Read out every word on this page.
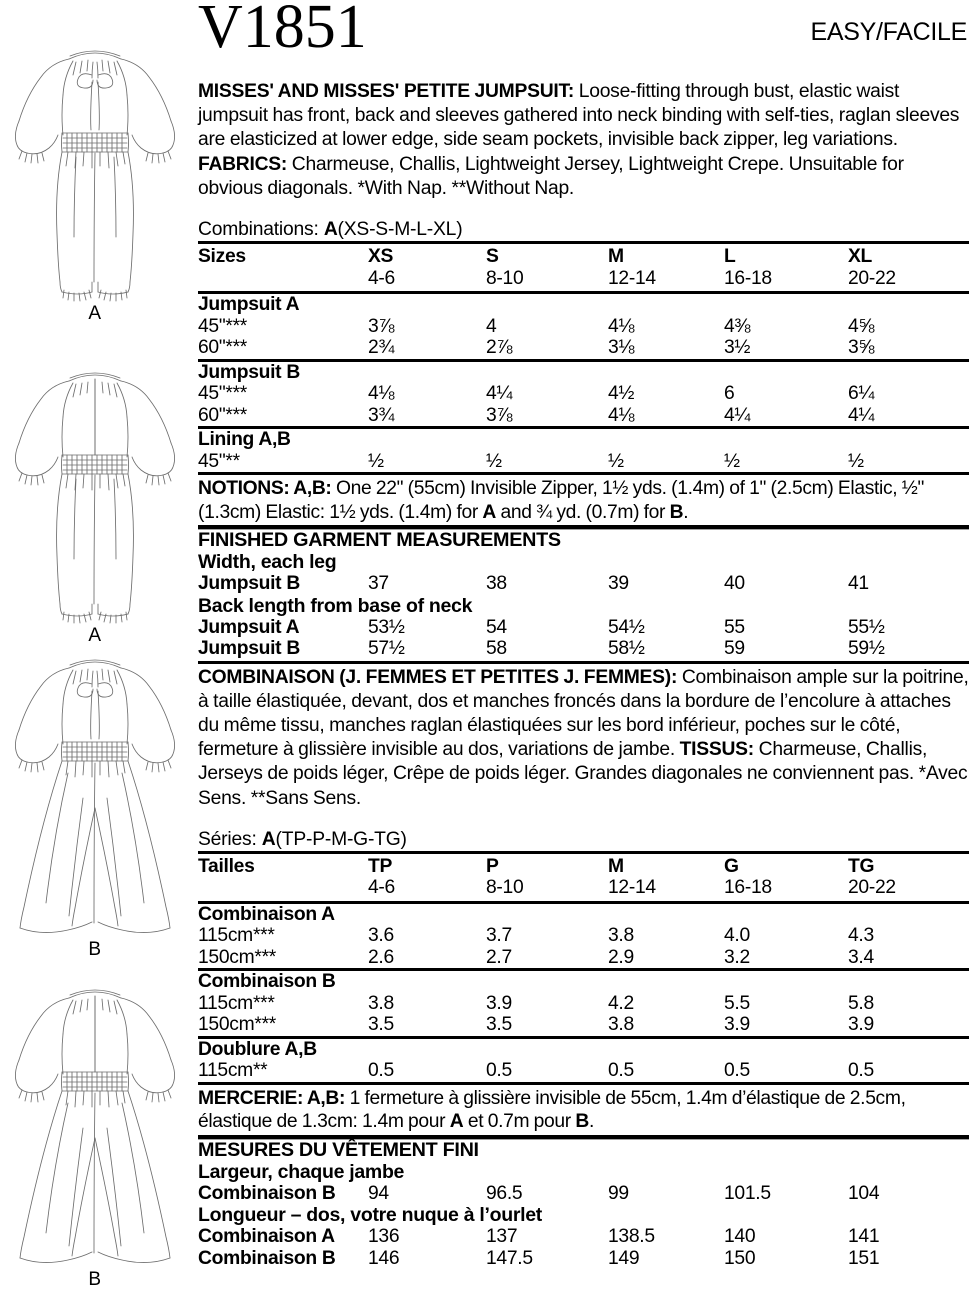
A
A
B
B
V1851	EASY/FACILE
MISSES' AND MISSES' PETITE JUMPSUIT: Loose-fitting through bust, elastic waist jumpsuit has front, back and sleeves gathered into neck binding with self-ties, raglan sleeves are elasticized at lower edge, side seam pockets, invisible back zipper, leg variations. FABRICS: Charmeuse, Challis, Lightweight Jersey, Lightweight Crepe. Unsuitable for obvious diagonals. *With Nap. **Without Nap.
Combinations: A(XS-S-M-L-XL)
Sizes	XS	S	M	L	XL
	4-6	8-10	12-14	16-18	20-22
Jumpsuit A					
45"***	3⅞	4	4⅛	4⅜	4⅝
60"***	2¾	2⅞	3⅛	3½	3⅝
Jumpsuit B					
45"***	4⅛	4¼	4½	6	6¼
60"***	3¾	3⅞	4⅛	4¼	4¼
Lining A,B					
45"**	½	½	½	½	½
NOTIONS: A,B: One 22" (55cm) Invisible Zipper, 1½ yds. (1.4m) of 1" (2.5cm) Elastic, ½" (1.3cm) Elastic: 1½ yds. (1.4m) for A and ¾ yd. (0.7m) for B.
FINISHED GARMENT MEASUREMENTS
Width, each leg
Jumpsuit B	37	38	39	40	41
Back length from base of neck
Jumpsuit A	53½	54	54½	55	55½
Jumpsuit B	57½	58	58½	59	59½
COMBINAISON (J. FEMMES ET PETITES J. FEMMES): Combinaison ample sur la poitrine, à taille élastiquée, devant, dos et manches froncés dans la bordure de l’encolure à attaches du même tissu, manches raglan élastiquées sur les bord inférieur, poches sur le côté, fermeture à glissière invisible au dos, variations de jambe. TISSUS: Charmeuse, Challis, Jerseys de poids léger, Crêpe de poids léger. Grandes diagonales ne conviennent pas. *Avec Sens. **Sans Sens.
Séries: A(TP-P-M-G-TG)
Tailles	TP	P	M	G	TG
	4-6	8-10	12-14	16-18	20-22
Combinaison A					
115cm***	3.6	3.7	3.8	4.0	4.3
150cm***	2.6	2.7	2.9	3.2	3.4
Combinaison B					
115cm***	3.8	3.9	4.2	5.5	5.8
150cm***	3.5	3.5	3.8	3.9	3.9
Doublure A,B					
115cm**	0.5	0.5	0.5	0.5	0.5
MERCERIE: A,B: 1 fermeture à glissière invisible de 55cm, 1.4m d’élastique de 2.5cm, élastique de 1.3cm: 1.4m pour A et 0.7m pour B.
MESURES DU VÊTEMENT FINI
Largeur, chaque jambe
Combinaison B	94	96.5	99	101.5	104
Longueur – dos, votre nuque à l’ourlet
Combinaison A	136	137	138.5	140	141
Combinaison B	146	147.5	149	150	151
